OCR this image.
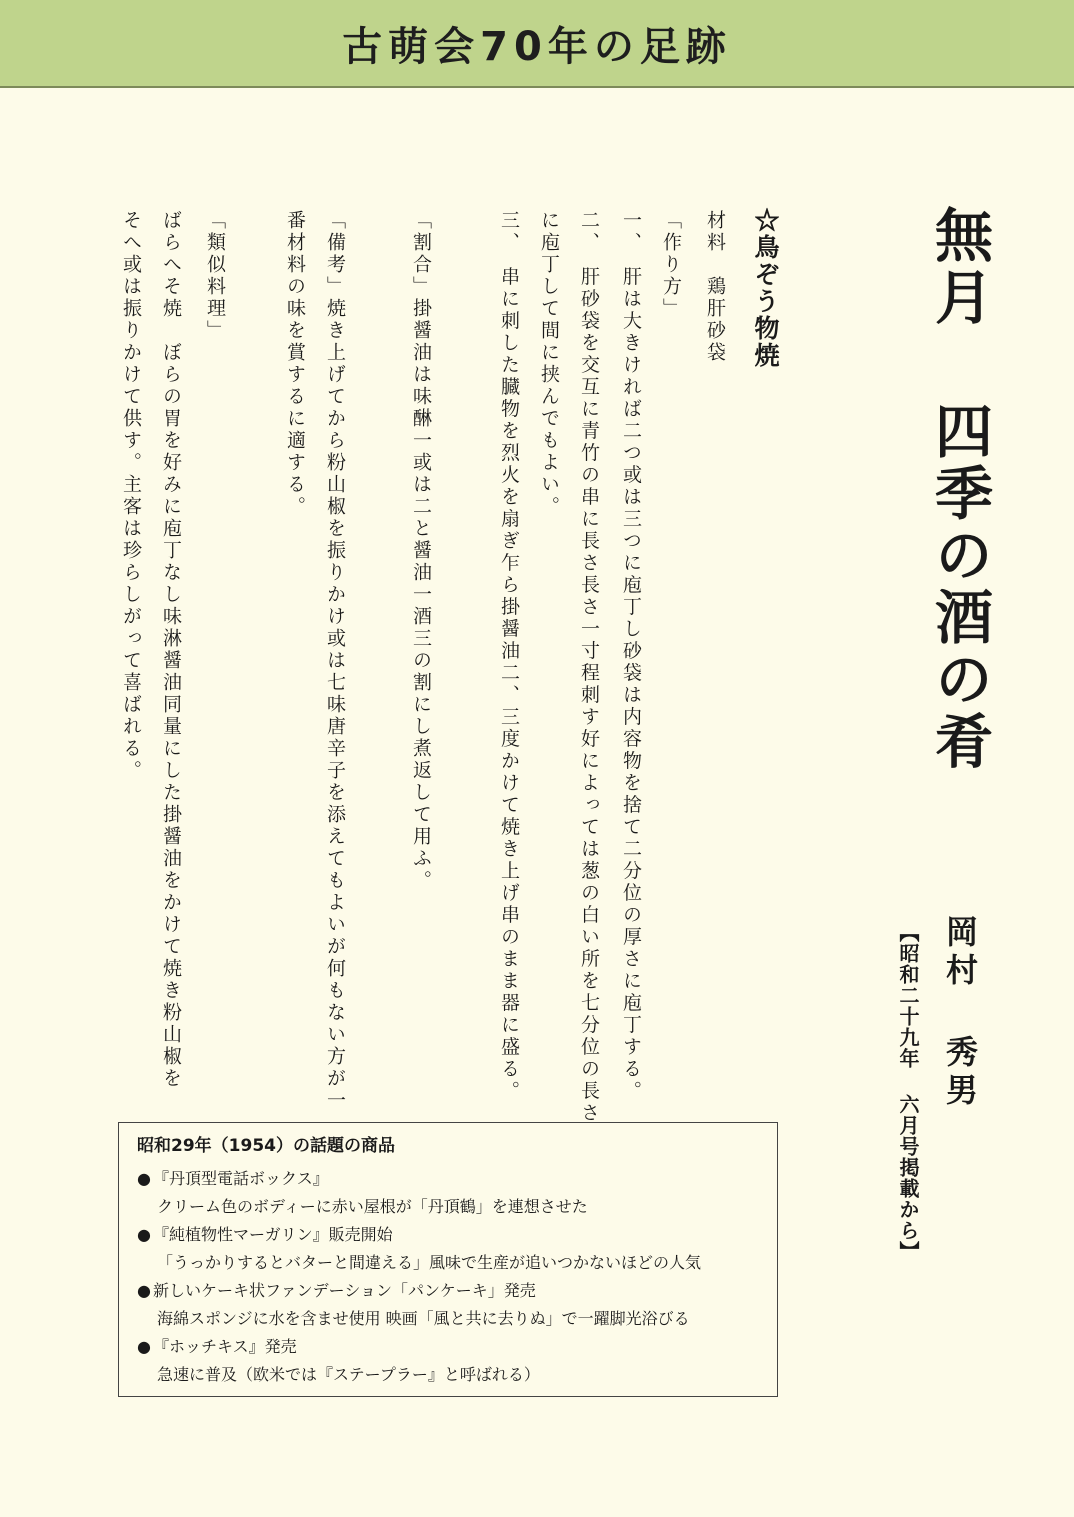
古萌会70年の足跡
無月 四季の酒の肴
岡村 秀男
【昭和二十九年 六月号掲載から】
☆鳥ぞう物焼
材料　鶏肝砂袋
「作り方」
一、　肝は大きければ二つ或は三つに庖丁し砂袋は内容物を捨て二分位の厚さに庖丁する。
二、　肝砂袋を交互に青竹の串に長さ長さ一寸程刺す好によっては葱の白い所を七分位の長さ
に庖丁して間に挟んでもよい。
三、　串に刺した臓物を烈火を扇ぎ乍ら掛醤油二、三度かけて焼き上げ串のまま器に盛る。
「割合」掛醤油は味醂一或は二と醤油一酒三の割にし煮返して用ふ。
「備考」焼き上げてから粉山椒を振りかけ或は七味唐辛子を添えてもよいが何もない方が一
番材料の味を賞するに適する。
「類似料理」
ばらへそ焼　ぼらの胃を好みに庖丁なし味淋醤油同量にした掛醤油をかけて焼き粉山椒を
そへ或は振りかけて供す。主客は珍らしがって喜ばれる。
昭和29年（1954）の話題の商品
● 『丹頂型電話ボックス』
クリーム色のボディーに赤い屋根が「丹頂鶴」を連想させた
● 『純植物性マーガリン』販売開始
「うっかりするとバターと間違える」風味で生産が追いつかないほどの人気
● 新しいケーキ状ファンデーション「パンケーキ」発売
海綿スポンジに水を含ませ使用 映画「風と共に去りぬ」で一躍脚光浴びる
● 『ホッチキス』発売
急速に普及（欧米では『ステープラー』と呼ばれる）
